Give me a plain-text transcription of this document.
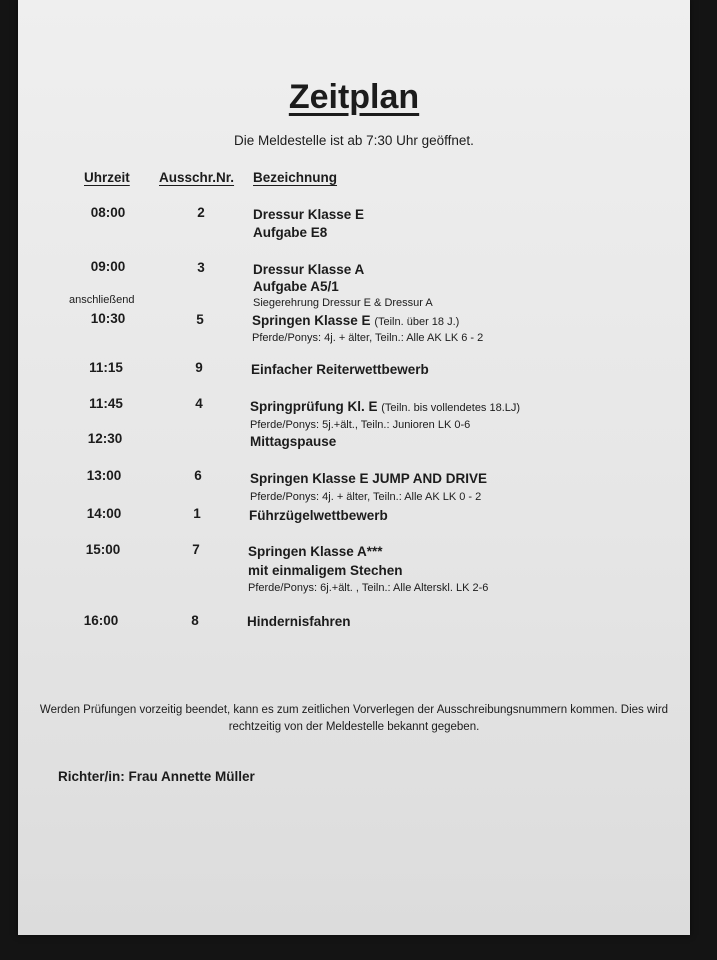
Zeitplan
Die Meldestelle ist ab 7:30 Uhr geöffnet.
Uhrzeit Ausschr.Nr. Bezeichnung
08:00	2	Dressur Klasse E
Aufgabe E8
09:00	3	Dressur Klasse A
Aufgabe A5/1
anschließend	Siegerehrung Dressur E & Dressur A
10:30	5	Springen Klasse E (Teiln. über 18 J.)
Pferde/Ponys: 4j. + älter, Teiln.: Alle AK LK 6 - 2
11:15	9	Einfacher Reiterwettbewerb
11:45	4	Springprüfung Kl. E (Teiln. bis vollendetes 18.LJ)
Pferde/Ponys: 5j.+ält., Teiln.: Junioren LK 0-6
12:30	Mittagspause
13:00	6	Springen Klasse E JUMP AND DRIVE
Pferde/Ponys: 4j. + älter, Teiln.: Alle AK LK 0 - 2
14:00	1	Führzügelwettbewerb
15:00	7	Springen Klasse A***
mit einmaligem Stechen
Pferde/Ponys: 6j.+ält. , Teiln.: Alle Alterskl. LK 2-6
16:00	8	Hindernisfahren
Werden Prüfungen vorzeitig beendet, kann es zum zeitlichen Vorverlegen der Ausschreibungsnummern kommen. Dies wird rechtzeitig von der Meldestelle bekannt gegeben.
Richter/in: Frau Annette Müller
